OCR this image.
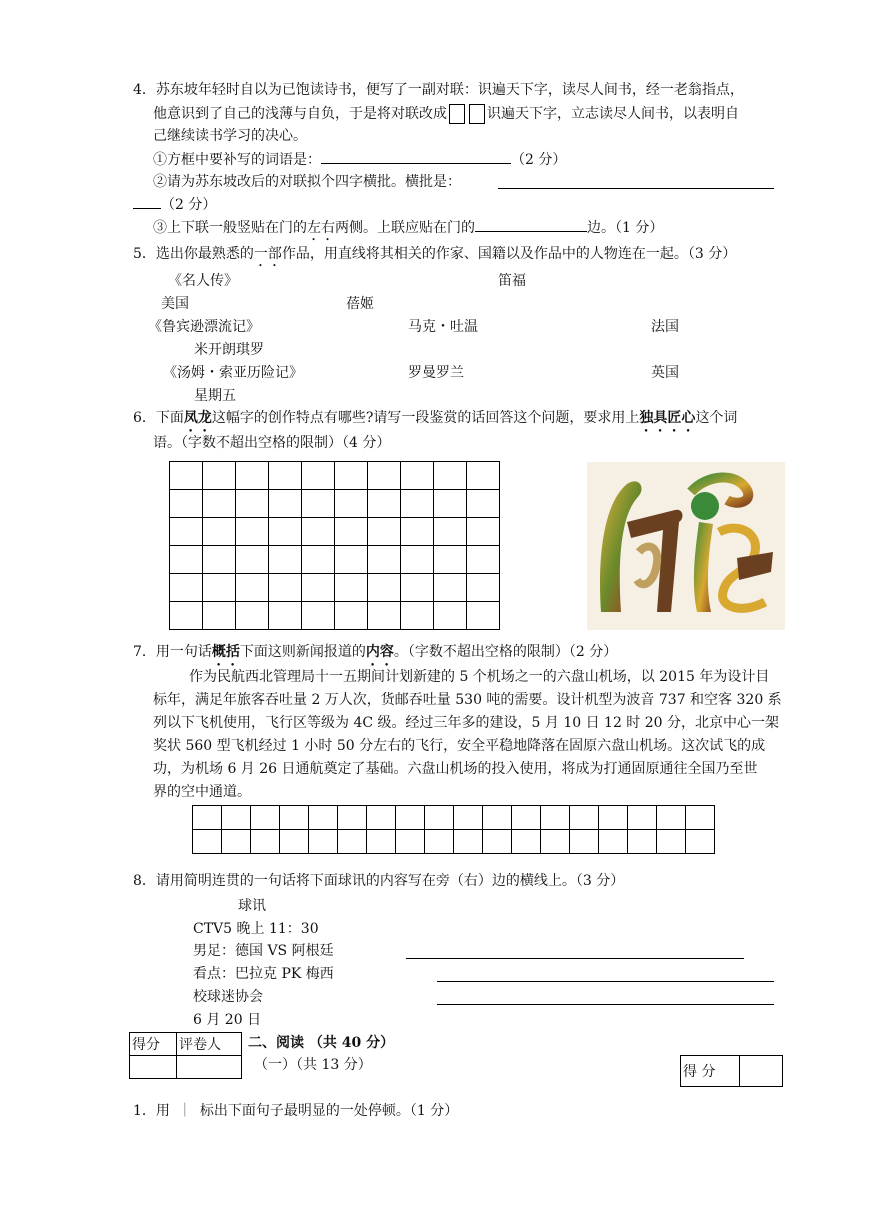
4．苏东坡年轻时自以为已饱读诗书，便写了一副对联：识遍天下字，读尽人间书，经一老翁指点，
他意识到了自己的浅薄与自负，于是将对联改成	识遍天下字，立志读尽人间书，以表明自
己继续读书学习的决心。
①方框中要补写的词语是：	（2 分）
②请为苏东坡改后的对联拟个四字横批。横批是：
（2 分）
③上下联一般竖贴在门的左右两侧。上联应贴在门的	边。（1 分）
5．选出你最熟悉的一部作品，用直线将其相关的作家、国籍以及作品中的人物连在一起。（3 分）
《名人传》	笛福
美国	蓓姬
《鲁宾逊漂流记》	马克・吐温	法国
米开朗琪罗
《汤姆・索亚历险记》	罗曼罗兰	英国
星期五
6．下面凤龙这幅字的创作特点有哪些?请写一段鉴赏的话回答这个问题，要求用上独具匠心这个词
语。（字数不超出空格的限制）（4 分）

7．用一句话概括下面这则新闻报道的内容。（字数不超出空格的限制）（2 分）
作为民航西北管理局十一五期间计划新建的 5 个机场之一的六盘山机场，以 2015 年为设计目
标年，满足年旅客吞吐量 2 万人次，货邮吞吐量 530 吨的需要。设计机型为波音 737 和空客 320 系
列以下飞机使用，飞行区等级为 4C 级。经过三年多的建设，5 月 10 日 12 时 20 分，北京中心一架
奖状 560 型飞机经过 1 小时 50 分左右的飞行，安全平稳地降落在固原六盘山机场。这次试飞的成
功，为机场 6 月 26 日通航奠定了基础。六盘山机场的投入使用，将成为打通固原通往全国乃至世
界的空中通道。

8．请用简明连贯的一句话将下面球讯的内容写在旁（右）边的横线上。（3 分）
球讯
CTV5 晚上 11：30
男足：德国 VS 阿根廷
看点：巴拉克 PK 梅西
校球迷协会
6 月 20 日
得分	评卷人
	二、阅读 （共 40 分）
（一）（共 13 分）	得 分	
1．用 ｜ 标出下面句子最明显的一处停顿。（1 分）
